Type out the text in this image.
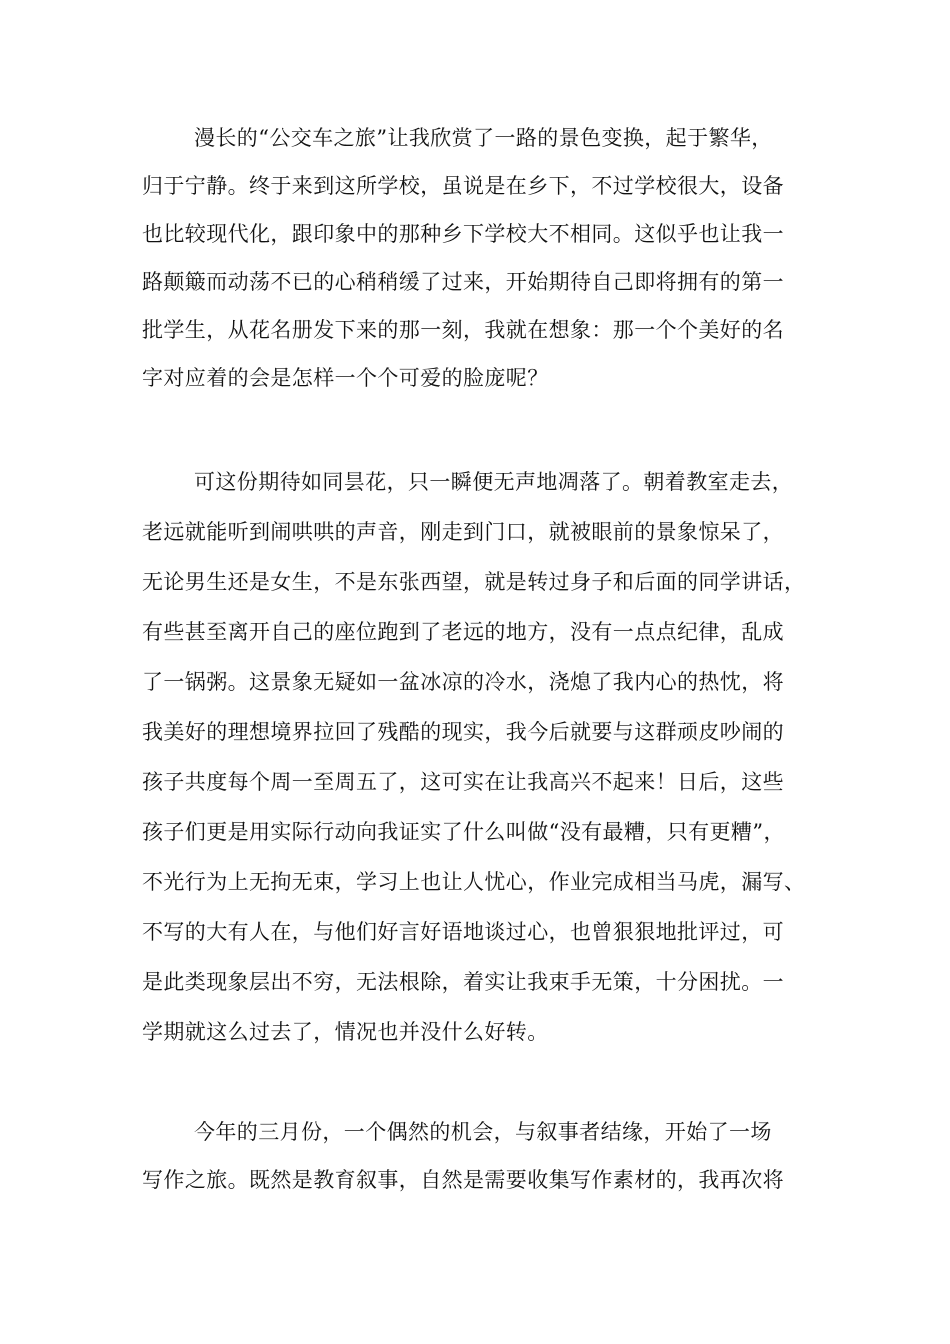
漫长的“公交车之旅”让我欣赏了一路的景色变换，起于繁华，
归于宁静。终于来到这所学校，虽说是在乡下，不过学校很大，设备
也比较现代化，跟印象中的那种乡下学校大不相同。这似乎也让我一
路颠簸而动荡不已的心稍稍缓了过来，开始期待自己即将拥有的第一
批学生，从花名册发下来的那一刻，我就在想象：那一个个美好的名
字对应着的会是怎样一个个可爱的脸庞呢？
可这份期待如同昙花，只一瞬便无声地凋落了。朝着教室走去，
老远就能听到闹哄哄的声音，刚走到门口，就被眼前的景象惊呆了，
无论男生还是女生，不是东张西望，就是转过身子和后面的同学讲话，
有些甚至离开自己的座位跑到了老远的地方，没有一点点纪律，乱成
了一锅粥。这景象无疑如一盆冰凉的冷水，浇熄了我内心的热忱，将
我美好的理想境界拉回了残酷的现实，我今后就要与这群顽皮吵闹的
孩子共度每个周一至周五了，这可实在让我高兴不起来！日后，这些
孩子们更是用实际行动向我证实了什么叫做“没有最糟，只有更糟”，
不光行为上无拘无束，学习上也让人忧心，作业完成相当马虎，漏写、
不写的大有人在，与他们好言好语地谈过心，也曾狠狠地批评过，可
是此类现象层出不穷，无法根除，着实让我束手无策，十分困扰。一
学期就这么过去了，情况也并没什么好转。
今年的三月份，一个偶然的机会，与叙事者结缘，开始了一场
写作之旅。既然是教育叙事，自然是需要收集写作素材的，我再次将
